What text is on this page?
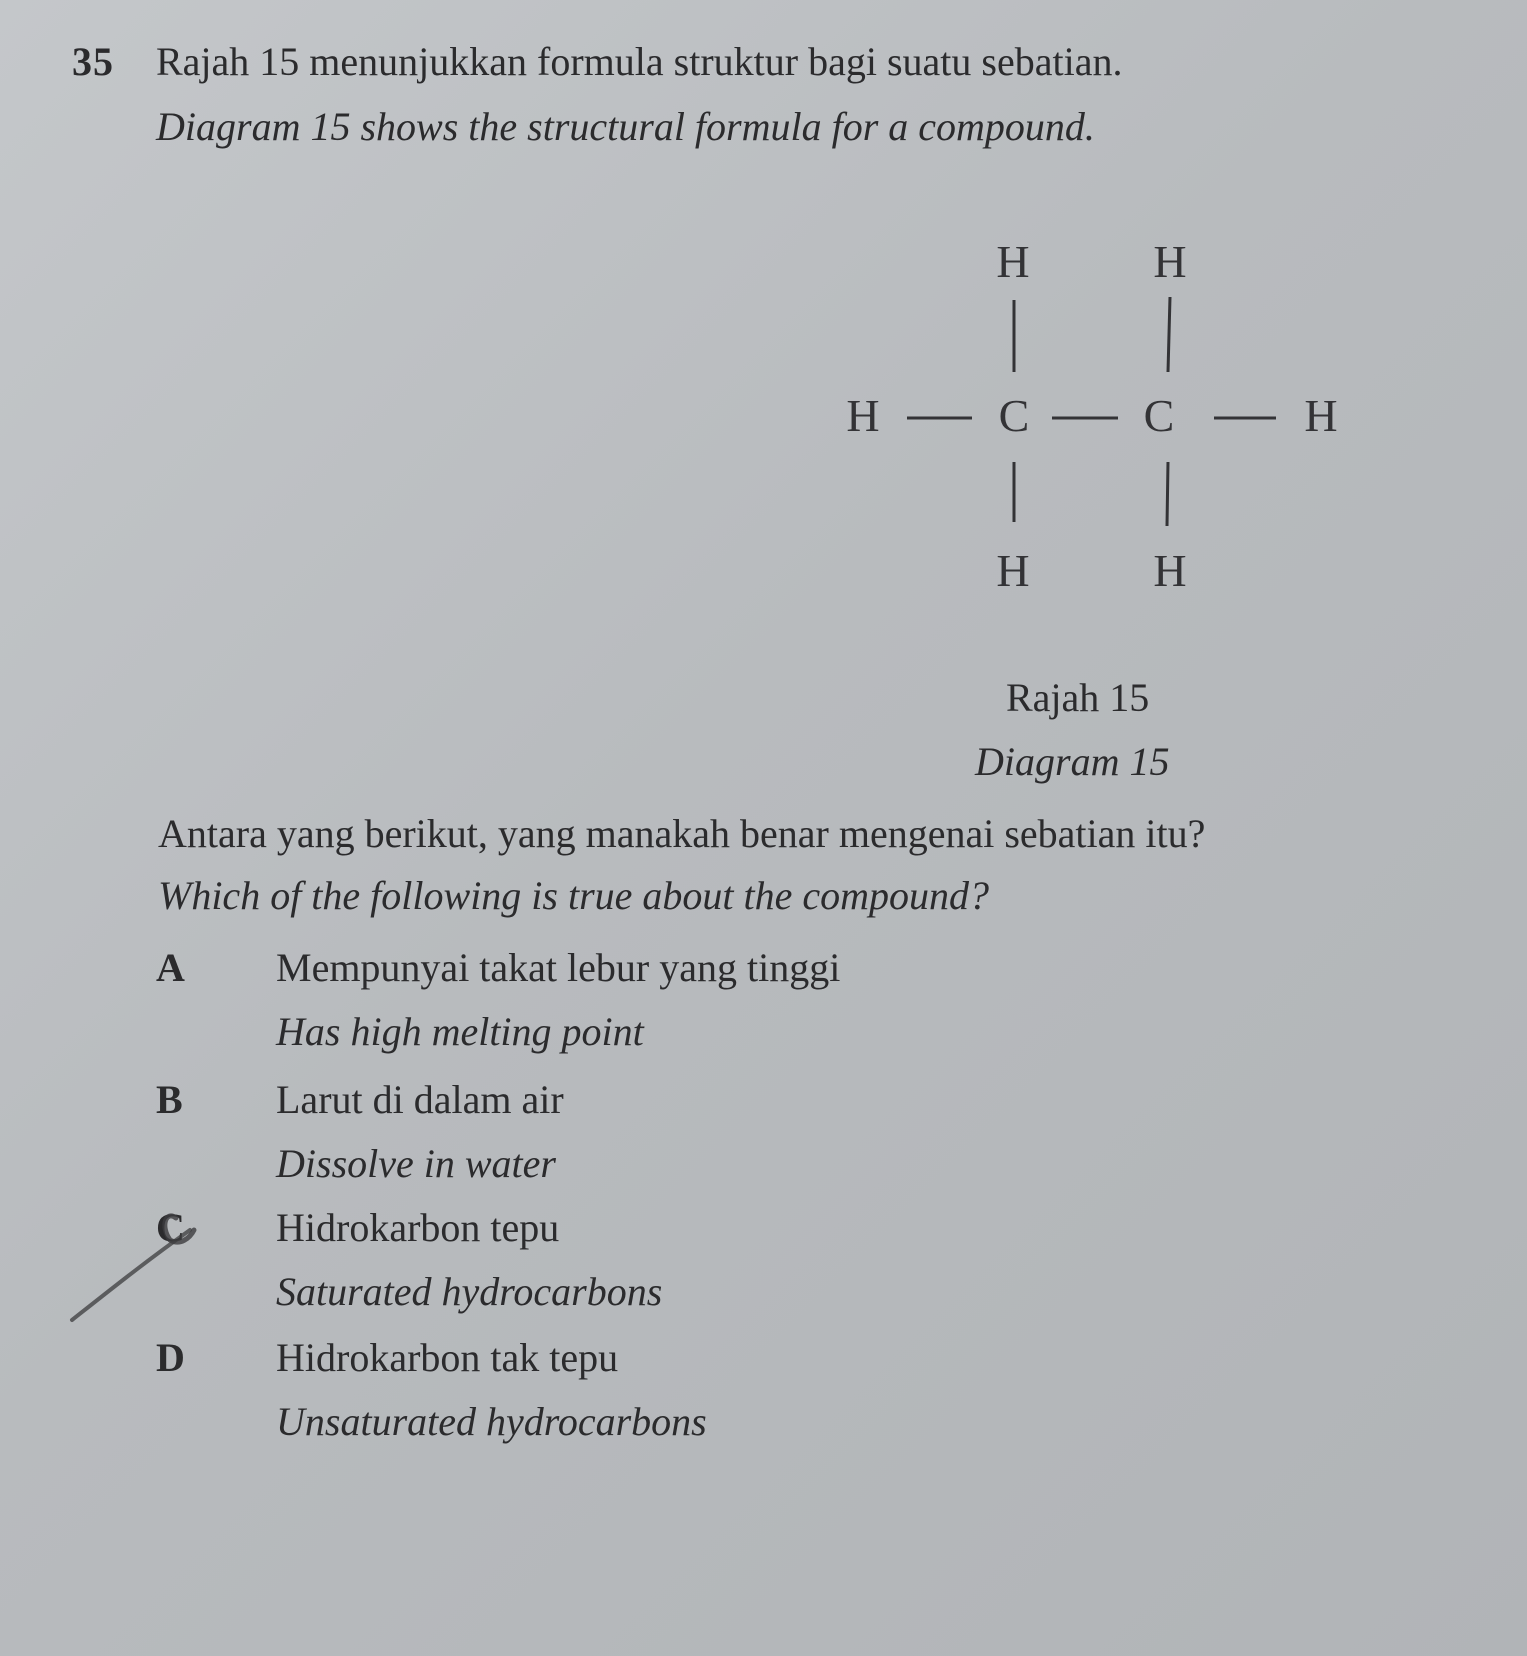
35 Rajah 15 menunjukkan formula struktur bagi suatu sebatian.
Diagram 15 shows the structural formula for a compound.
H	H
H	C C	H
H	H
Rajah 15
Diagram 15
Antara yang berikut, yang manakah benar mengenai sebatian itu?
Which of the following is true about the compound?
A Mempunyai takat lebur yang tinggi
Has high melting point
B Larut di dalam air
Dissolve in water
C Hidrokarbon tepu
Saturated hydrocarbons
D Hidrokarbon tak tepu
Unsaturated hydrocarbons
